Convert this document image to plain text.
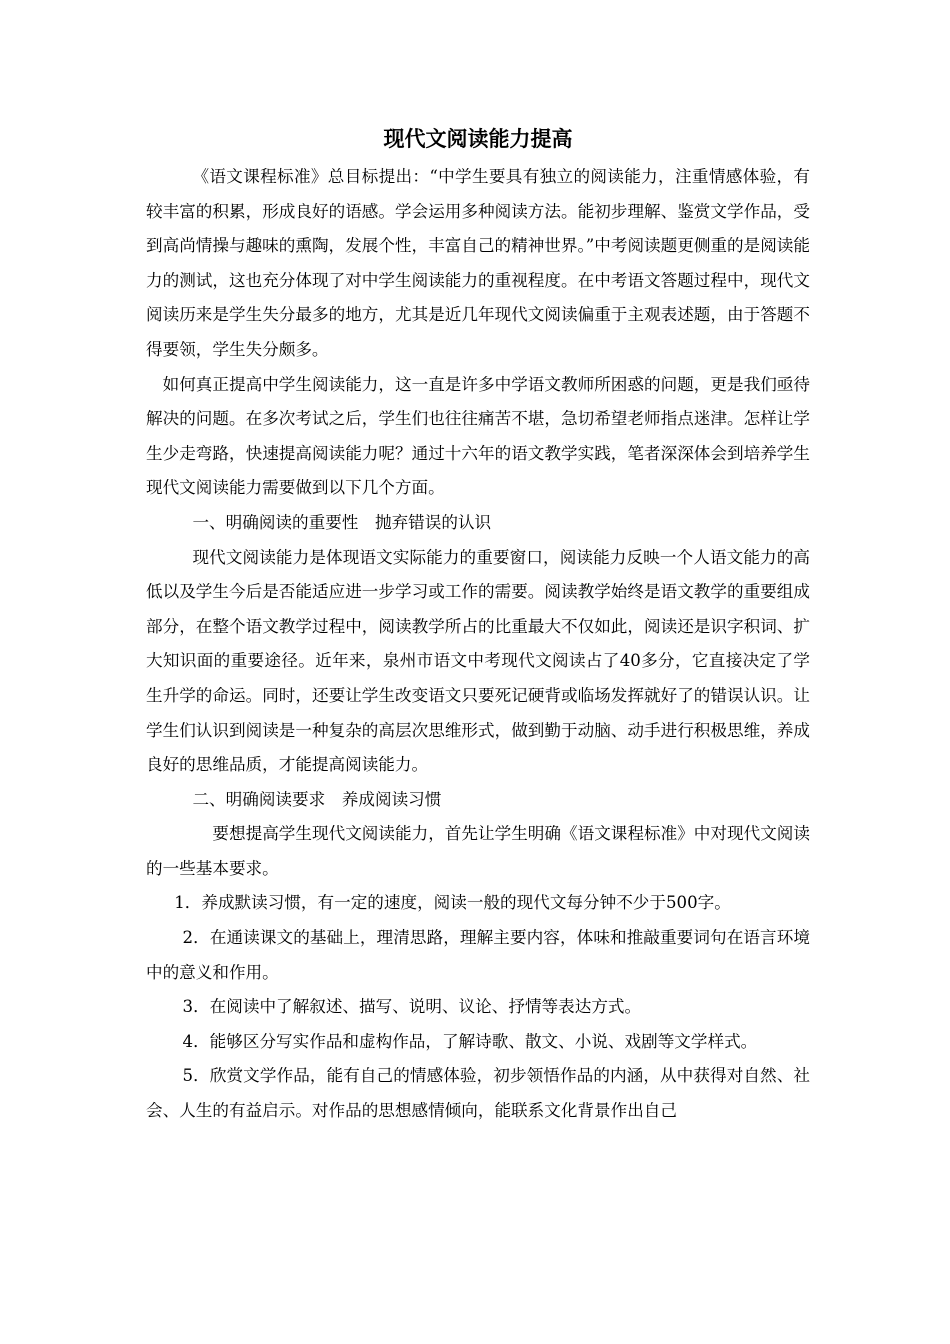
现代文阅读能力提高

《语文课程标准》总目标提出：“中学生要具有独立的阅读能力，注重情感体验，有较丰富的积累，形成良好的语感。学会运用多种阅读方法。能初步理解、鉴赏文学作品，受到高尚情操与趣味的熏陶，发展个性，丰富自己的精神世界。”中考阅读题更侧重的是阅读能力的测试，这也充分体现了对中学生阅读能力的重视程度。在中考语文答题过程中，现代文阅读历来是学生失分最多的地方，尤其是近几年现代文阅读偏重于主观表述题，由于答题不得要领，学生失分颇多。

如何真正提高中学生阅读能力，这一直是许多中学语文教师所困惑的问题，更是我们亟待解决的问题。在多次考试之后，学生们也往往痛苦不堪，急切希望老师指点迷津。怎样让学生少走弯路，快速提高阅读能力呢？通过十六年的语文教学实践，笔者深深体会到培养学生现代文阅读能力需要做到以下几个方面。

一、明确阅读的重要性　抛弃错误的认识

现代文阅读能力是体现语文实际能力的重要窗口，阅读能力反映一个人语文能力的高低以及学生今后是否能适应进一步学习或工作的需要。阅读教学始终是语文教学的重要组成部分，在整个语文教学过程中，阅读教学所占的比重最大不仅如此，阅读还是识字积词、扩大知识面的重要途径。近年来，泉州市语文中考现代文阅读占了40多分，它直接决定了学生升学的命运。同时，还要让学生改变语文只要死记硬背或临场发挥就好了的错误认识。让学生们认识到阅读是一种复杂的高层次思维形式，做到勤于动脑、动手进行积极思维，养成良好的思维品质，才能提高阅读能力。

二、明确阅读要求　养成阅读习惯

要想提高学生现代文阅读能力，首先让学生明确《语文课程标准》中对现代文阅读的一些基本要求。

1．养成默读习惯，有一定的速度，阅读一般的现代文每分钟不少于500字。

2．在通读课文的基础上，理清思路，理解主要内容，体味和推敲重要词句在语言环境中的意义和作用。

3．在阅读中了解叙述、描写、说明、议论、抒情等表达方式。

4．能够区分写实作品和虚构作品，了解诗歌、散文、小说、戏剧等文学样式。

5．欣赏文学作品，能有自己的情感体验，初步领悟作品的内涵，从中获得对自然、社会、人生的有益启示。对作品的思想感情倾向，能联系文化背景作出自己
